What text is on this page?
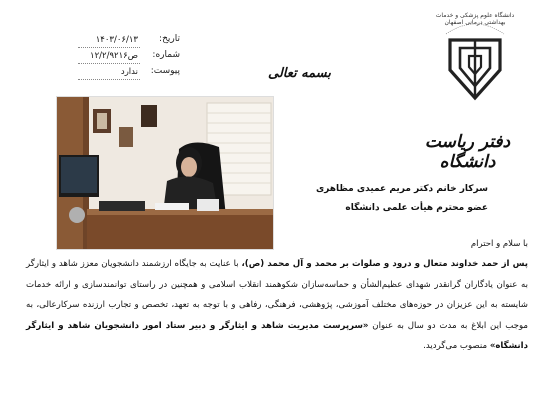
تاریخ:
۱۴۰۳/۰۶/۱۳
شماره:
۱۲/۲/۹۲۱۶ص
پیوست:
ندارد	بسمه تعالی
دانشگاه علوم پزشکی و خدمات بهداشتی درمانی اصفهان
دفتر ریاست دانشگاه
سرکار خانم دکتر مریم عمیدی مظاهری
عضو محترم هیأت علمی دانشگاه
با سلام و احترام
پس از حمد خداوند متعال و درود و صلوات بر محمد و آل محمد (ص)، با عنایت به جایگاه ارزشمند دانشجویان معزز شاهد و ایثارگر به عنوان یادگاران گرانقدر شهدای عظیم‌الشأن و حماسه‌سازان شکوهمند انقلاب اسلامی و همچنین در راستای توانمندسازی و ارائه خدمات شایسته به این عزیزان در حوزه‌های مختلف آموزشی، پژوهشی، فرهنگی، رفاهی و با توجه به تعهد، تخصص و تجارب ارزنده سرکارعالی، به موجب این ابلاغ به مدت دو سال به عنوان «سرپرست مدیریت شاهد و ایثارگر و دبیر ستاد امور دانشجویان شاهد و ایثارگر دانشگاه» منصوب می‌گردید.
